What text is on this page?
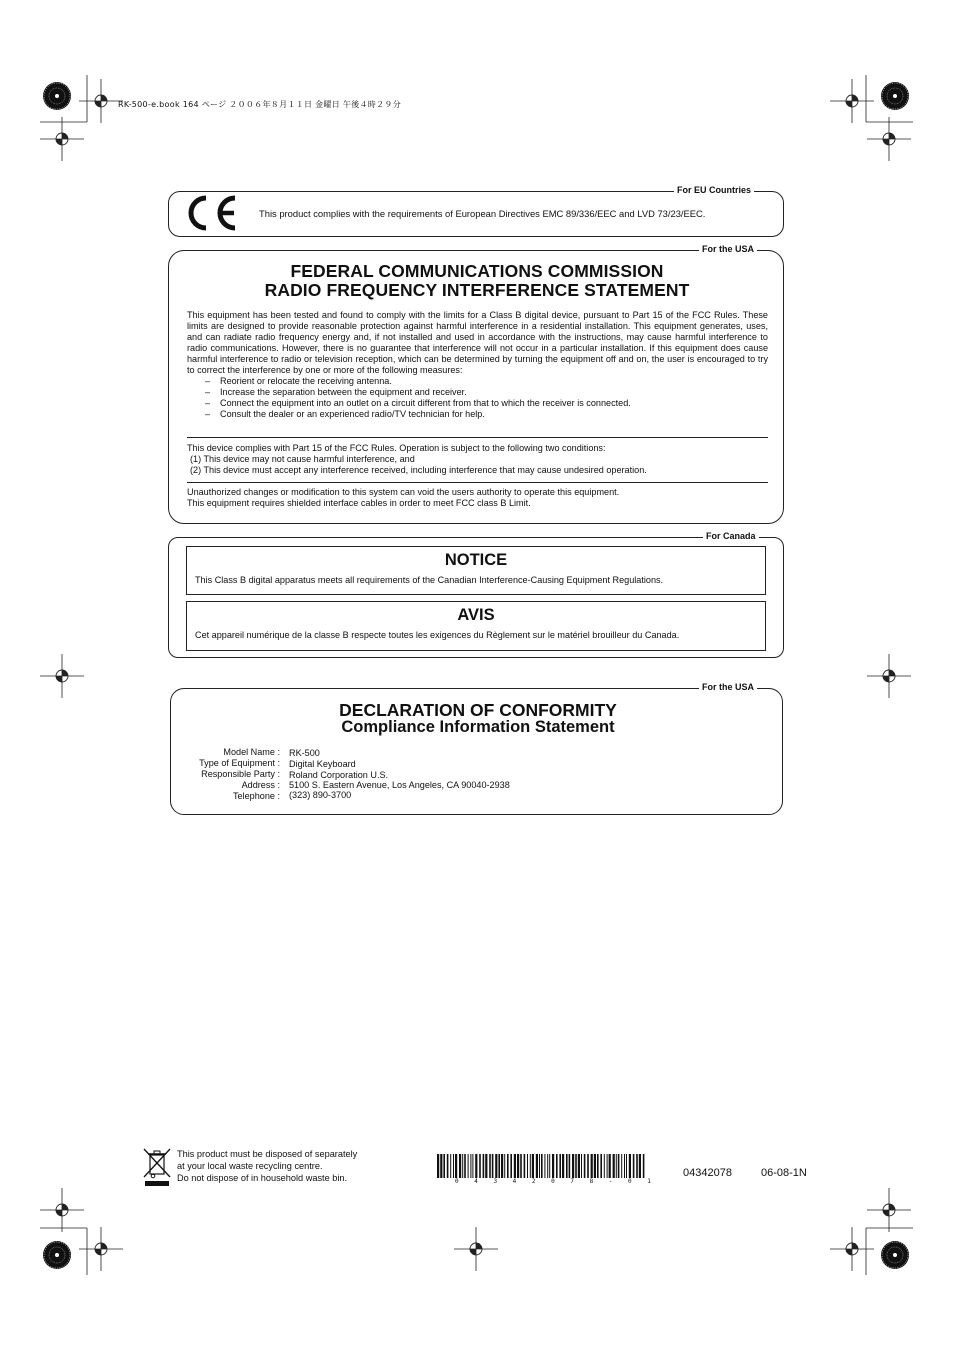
RK-500-e.book 164 ページ ２００６年８月１１日 金曜日 午後４時２９分
For EU Countries
This product complies with the requirements of European Directives EMC 89/336/EEC and LVD 73/23/EEC.
For the USA
FEDERAL COMMUNICATIONS COMMISSION
RADIO FREQUENCY INTERFERENCE STATEMENT

This equipment has been tested and found to comply with the limits for a Class B digital device, pursuant to Part 15 of the FCC Rules. These limits are designed to provide reasonable protection against harmful interference in a residential installation. This equipment generates, uses, and can radiate radio frequency energy and, if not installed and used in accordance with the instructions, may cause harmful interference to radio communications. However, there is no guarantee that interference will not occur in a particular installation. If this equipment does cause harmful interference to radio or television reception, which can be determined by turning the equipment off and on, the user is encouraged to try to correct the interference by one or more of the following measures:

– Reorient or relocate the receiving antenna.
– Increase the separation between the equipment and receiver.
– Connect the equipment into an outlet on a circuit different from that to which the receiver is connected.
– Consult the dealer or an experienced radio/TV technician for help.
This device complies with Part 15 of the FCC Rules. Operation is subject to the following two conditions:
(1) This device may not cause harmful interference, and
(2) This device must accept any interference received, including interference that may cause undesired operation.
Unauthorized changes or modification to this system can void the users authority to operate this equipment.
This equipment requires shielded interface cables in order to meet FCC class B Limit.
For Canada
NOTICE
This Class B digital apparatus meets all requirements of the Canadian Interference-Causing Equipment Regulations.
AVIS
Cet appareil numérique de la classe B respecte toutes les exigences du Règlement sur le matériel brouilleur du Canada.
For the USA
DECLARATION OF CONFORMITY
Compliance Information Statement
Model Name : RK-500
Type of Equipment : Digital Keyboard
Responsible Party : Roland Corporation U.S.
Address : 5100 S. Eastern Avenue, Los Angeles, CA 90040-2938
Telephone : (323) 890-3700
This product must be disposed of separately
at your local waste recycling centre.
Do not dispose of in household waste bin.	0 4 3 4 2 0 7 8 - 0 1
04342078	06-08-1N
